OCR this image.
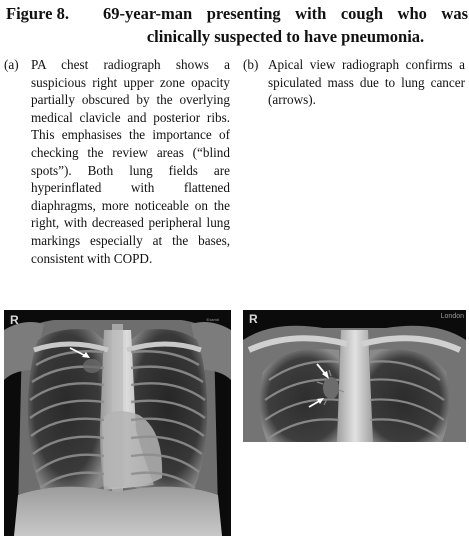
Figure 8. 69-year-man presenting with cough who was clinically suspected to have pneumonia.
(a) PA chest radiograph shows a suspicious right upper zone opacity partially obscured by the overlying medical clavicle and posterior ribs. This emphasises the importance of checking the review areas (“blind spots”). Both lung fields are hyperinflated with flattened diaphragms, more noticeable on the right, with decreased peripheral lung markings especially at the bases, consistent with COPD.
(b) Apical view radiograph confirms a spiculated mass due to lung cancer (arrows).
R	Exam#	R	London
